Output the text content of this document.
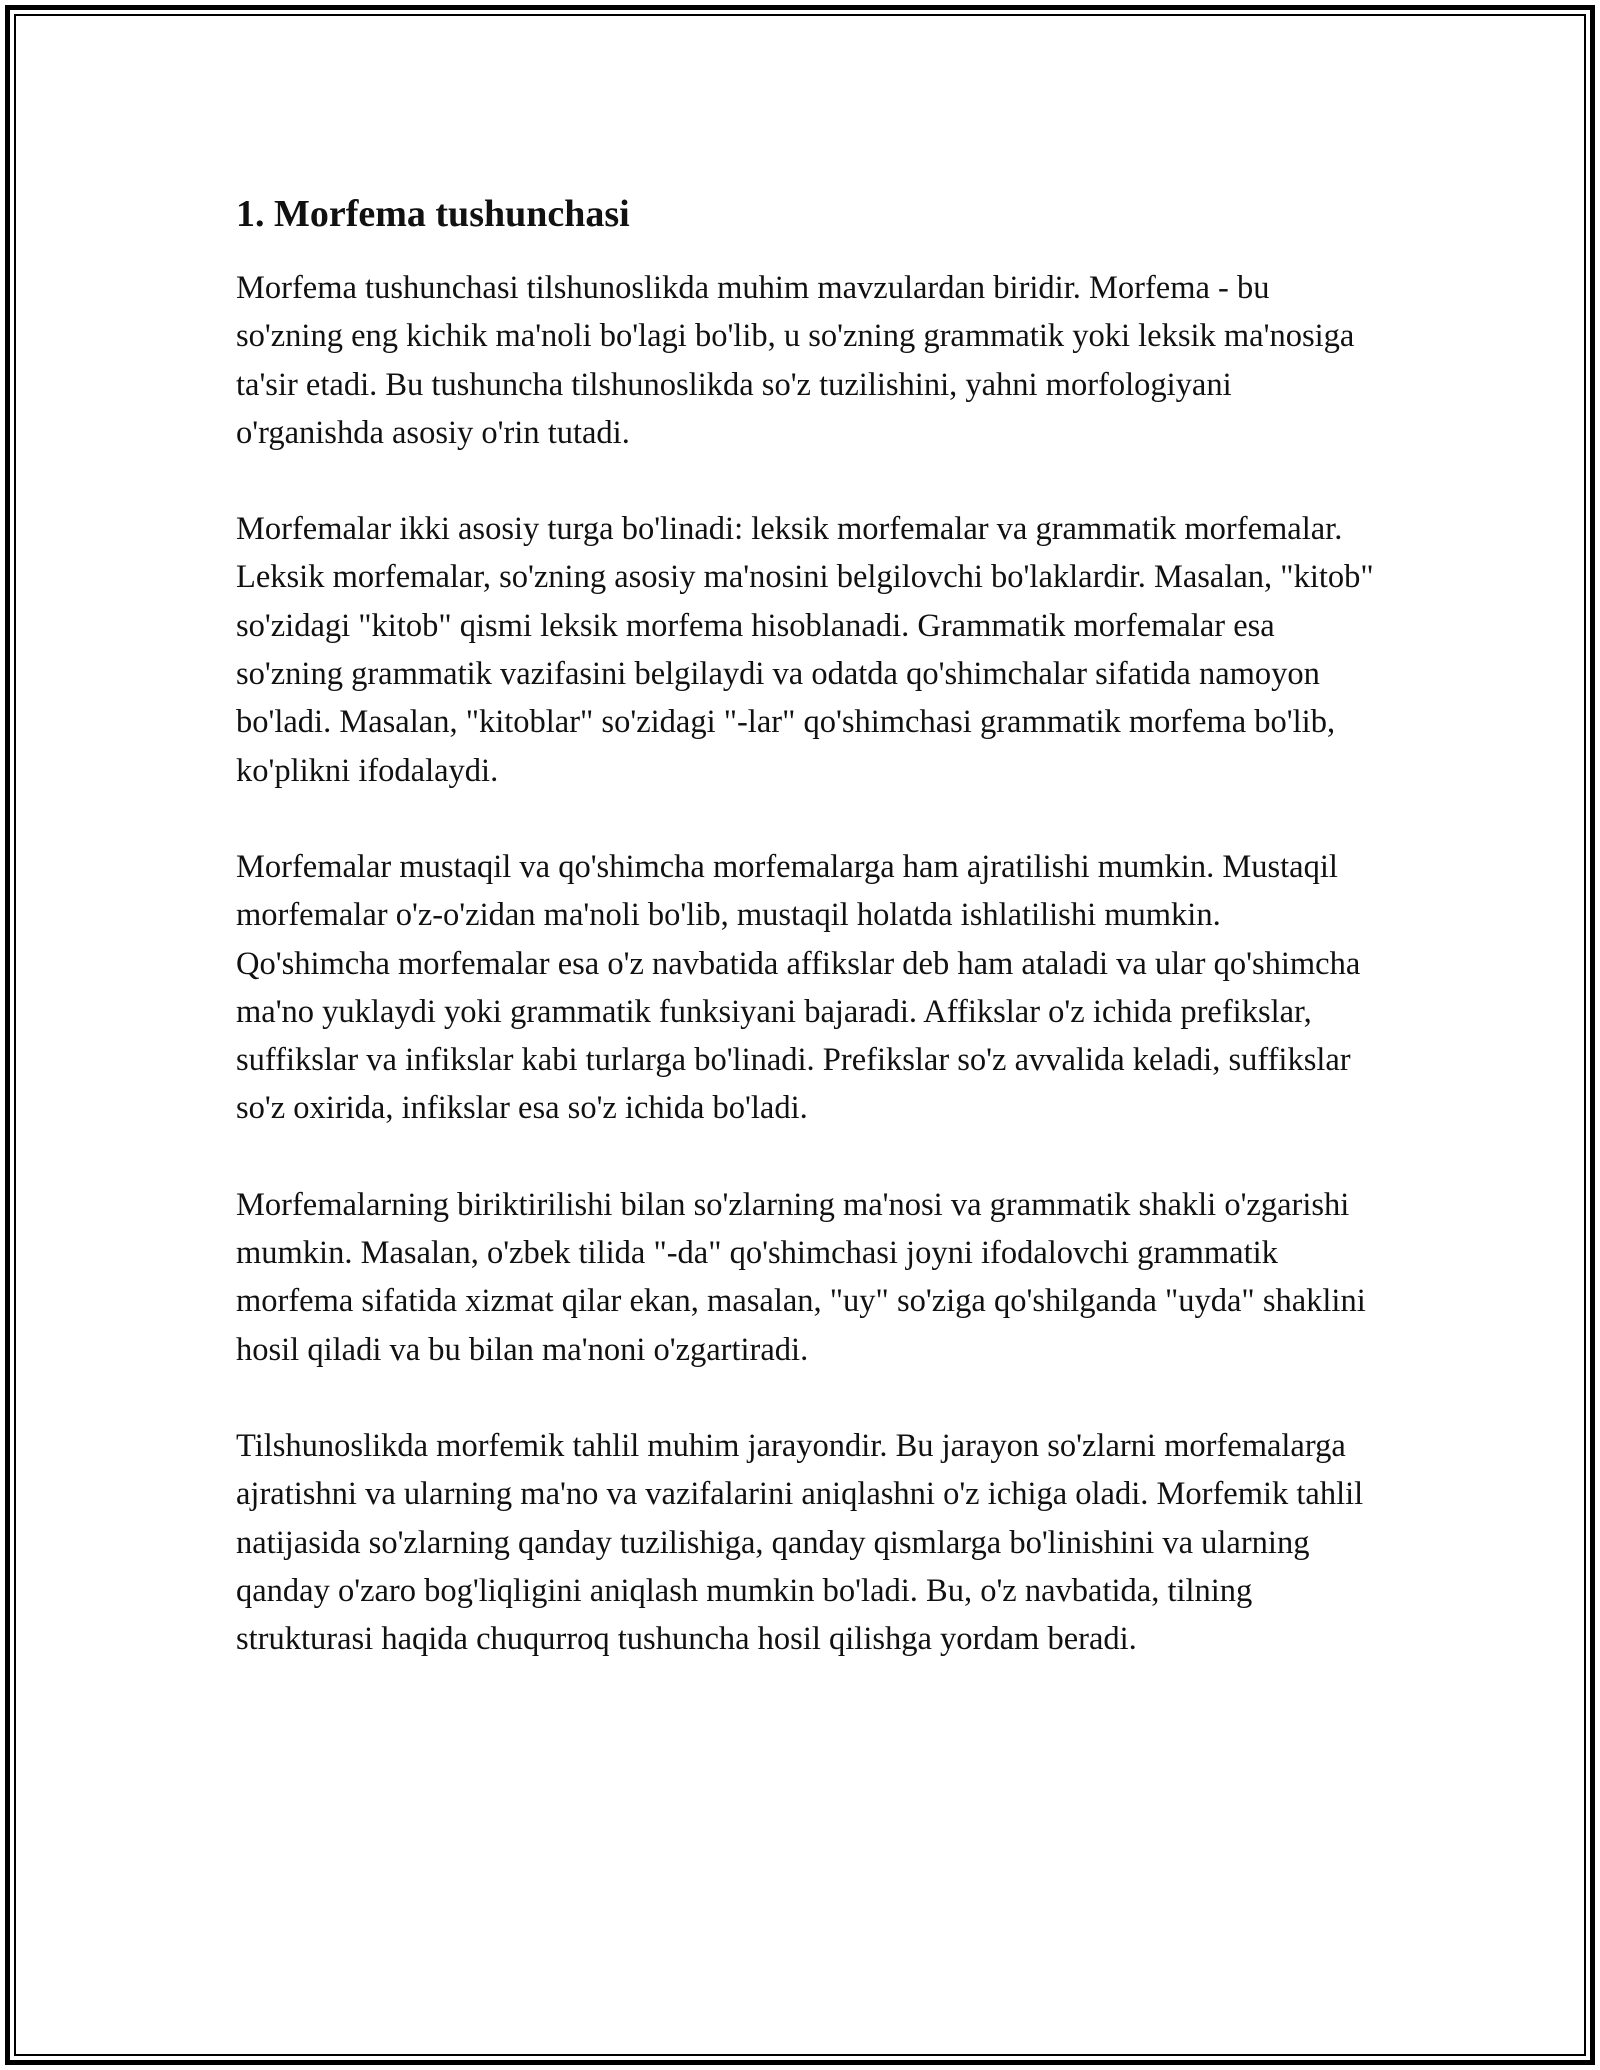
1. Morfema tushunchasi

Morfema tushunchasi tilshunoslikda muhim mavzulardan biridir. Morfema - bu so'zning eng kichik ma'noli bo'lagi bo'lib, u so'zning grammatik yoki leksik ma'nosiga ta'sir etadi. Bu tushuncha tilshunoslikda so'z tuzilishini, yahni morfologiyani o'rganishda asosiy o'rin tutadi.

Morfemalar ikki asosiy turga bo'linadi: leksik morfemalar va grammatik morfemalar. Leksik morfemalar, so'zning asosiy ma'nosini belgilovchi bo'laklardir. Masalan, "kitob" so'zidagi "kitob" qismi leksik morfema hisoblanadi. Grammatik morfemalar esa so'zning grammatik vazifasini belgilaydi va odatda qo'shimchalar sifatida namoyon bo'ladi. Masalan, "kitoblar" so'zidagi "-lar" qo'shimchasi grammatik morfema bo'lib, ko'plikni ifodalaydi.

Morfemalar mustaqil va qo'shimcha morfemalarga ham ajratilishi mumkin. Mustaqil morfemalar o'z-o'zidan ma'noli bo'lib, mustaqil holatda ishlatilishi mumkin. Qo'shimcha morfemalar esa o'z navbatida affikslar deb ham ataladi va ular qo'shimcha ma'no yuklaydi yoki grammatik funksiyani bajaradi. Affikslar o'z ichida prefikslar, suffikslar va infikslar kabi turlarga bo'linadi. Prefikslar so'z avvalida keladi, suffikslar so'z oxirida, infikslar esa so'z ichida bo'ladi.

Morfemalarning biriktirilishi bilan so'zlarning ma'nosi va grammatik shakli o'zgarishi mumkin. Masalan, o'zbek tilida "-da" qo'shimchasi joyni ifodalovchi grammatik morfema sifatida xizmat qilar ekan, masalan, "uy" so'ziga qo'shilganda "uyda" shaklini hosil qiladi va bu bilan ma'noni o'zgartiradi.

Tilshunoslikda morfemik tahlil muhim jarayondir. Bu jarayon so'zlarni morfemalarga ajratishni va ularning ma'no va vazifalarini aniqlashni o'z ichiga oladi. Morfemik tahlil natijasida so'zlarning qanday tuzilishiga, qanday qismlarga bo'linishini va ularning qanday o'zaro bog'liqligini aniqlash mumkin bo'ladi. Bu, o'z navbatida, tilning strukturasi haqida chuqurroq tushuncha hosil qilishga yordam beradi.
